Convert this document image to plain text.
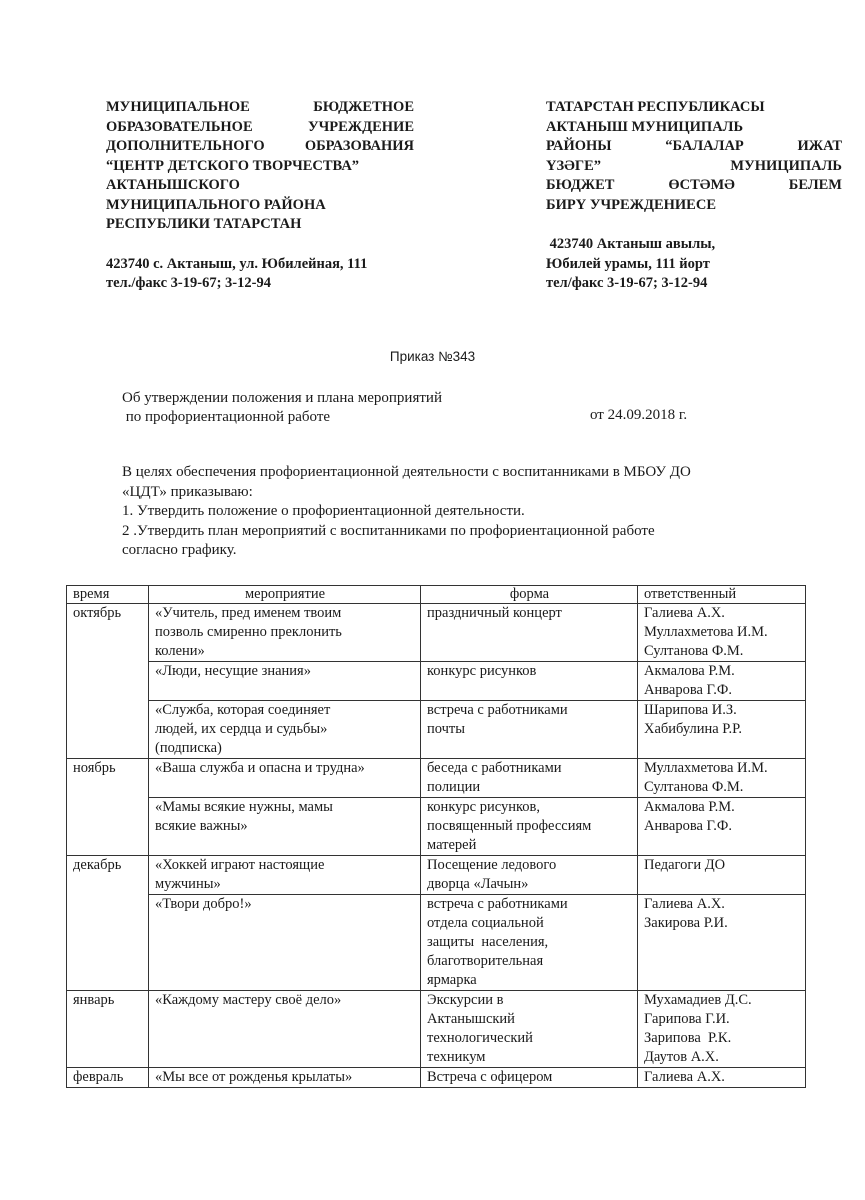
МУНИЦИПАЛЬНОЕ БЮДЖЕТНОЕ
ОБРАЗОВАТЕЛЬНОЕ УЧРЕЖДЕНИЕ
ДОПОЛНИТЕЛЬНОГО ОБРАЗОВАНИЯ
“ЦЕНТР ДЕТСКОГО ТВОРЧЕСТВА”
АКТАНЫШСКОГО
МУНИЦИПАЛЬНОГО РАЙОНА
РЕСПУБЛИКИ ТАТАРСТАН
423740 с. Актаныш, ул. Юбилейная, 111
тел./факс 3-19-67; 3-12-94
ТАТАРСТАН РЕСПУБЛИКАСЫ
АКТАНЫШ МУНИЦИПАЛЬ
РАЙОНЫ “БАЛАЛАР ИЖАТ
ҮЗӘГЕ” МУНИЦИПАЛЬ
БЮДЖЕТ ӨСТӘМӘ БЕЛЕМ
БИРҮ УЧРЕЖДЕНИЕСЕ
423740 Актаныш авылы,
Юбилей урамы, 111 йорт
тел/факс 3-19-67; 3-12-94
Приказ №343
Об утверждении положения и плана мероприятий
по профориентационной работе	от 24.09.2018 г.
В целях обеспечения профориентационной деятельности с воспитанниками в МБОУ ДО
«ЦДТ» приказываю:
1. Утвердить положение о профориентационной деятельности.
2 .Утвердить план мероприятий с воспитанниками по профориентационной работе
согласно графику.
время	мероприятие	форма	ответственный
октябрь	«Учитель, пред именем твоим
позволь смиренно преклонить
колени»	праздничный концерт	Галиева А.Х.
Муллахметова И.М.
Султанова Ф.М.

	«Люди, несущие знания»	конкурс рисунков	Акмалова Р.М.
Анварова Г.Ф.

	«Служба, которая соединяет
людей, их сердца и судьбы»
(подписка)	встреча с работниками
почты	Шарипова И.З.
Хабибулина Р.Р.

ноябрь	«Ваша служба и опасна и трудна»	беседа с работниками
полиции	Муллахметова И.М.
Султанова Ф.М.

	«Мамы всякие нужны, мамы
всякие важны»	конкурс рисунков,
посвященный профессиям
матерей	Акмалова Р.М.
Анварова Г.Ф.

декабрь	«Хоккей играют настоящие
мужчины»	Посещение ледового
дворца «Лачын»	Педагоги ДО

	«Твори добро!»	встреча с работниками
отдела социальной
защиты  населения,
благотворительная
ярмарка	Галиева А.Х.
Закирова Р.И.

январь	«Каждому мастеру своё дело»	Экскурсии в
Актанышский
технологический
техникум	Мухамадиев Д.С.
Гарипова Г.И.
Зарипова  Р.К.
Даутов А.Х.

февраль	«Мы все от рожденья крылаты»	Встреча с офицером	Галиева А.Х.
